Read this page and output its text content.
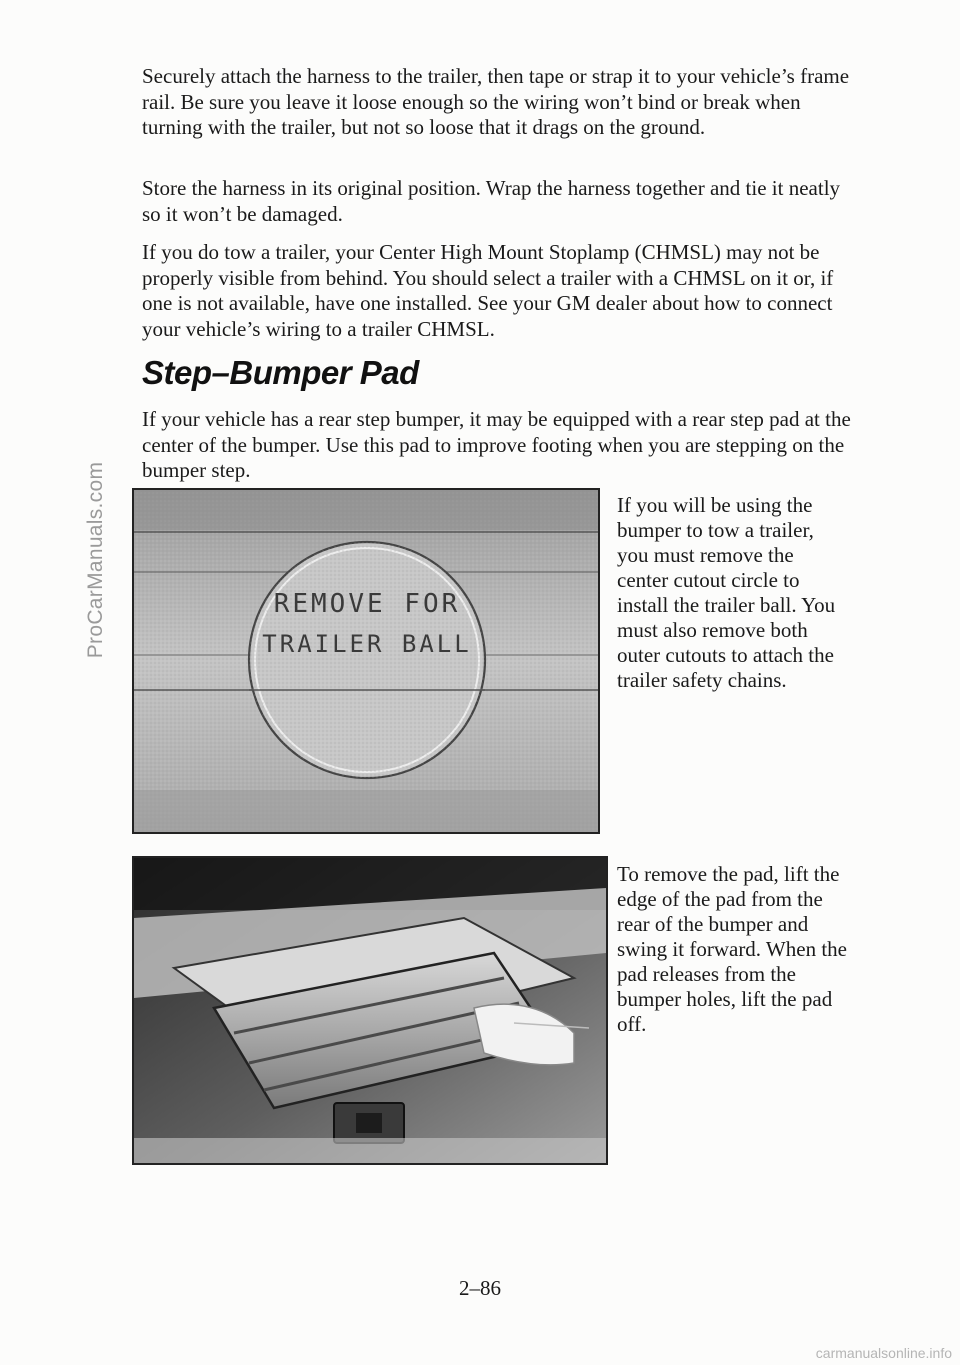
ProCarManuals.com

Securely attach the harness to the trailer, then tape or strap it to your vehicle’s frame rail. Be sure you leave it loose enough so the wiring won’t bind or break when turning with the trailer, but not so loose that it drags on the ground.

Store the harness in its original position. Wrap the harness together and tie it neatly so it won’t be damaged.

If you do tow a trailer, your Center High Mount Stoplamp (CHMSL) may not be properly visible from behind. You should select a trailer with a CHMSL on it or, if one is not available, have one installed. See your GM dealer about how to connect your vehicle’s wiring to a trailer CHMSL.

Step–Bumper Pad

If your vehicle has a rear step bumper, it may be equipped with a rear step pad at the center of the bumper. Use this pad to improve footing when you are stepping on the bumper step.

REMOVE FOR
TRAILER BALL

If you will be using the bumper to tow a trailer, you must remove the center cutout circle to install the trailer ball. You must also remove both outer cutouts to attach the trailer safety chains.

To remove the pad, lift the edge of the pad from the rear of the bumper and swing it forward. When the pad releases from the bumper holes, lift the pad off.

2–86
carmanualsonline.info
